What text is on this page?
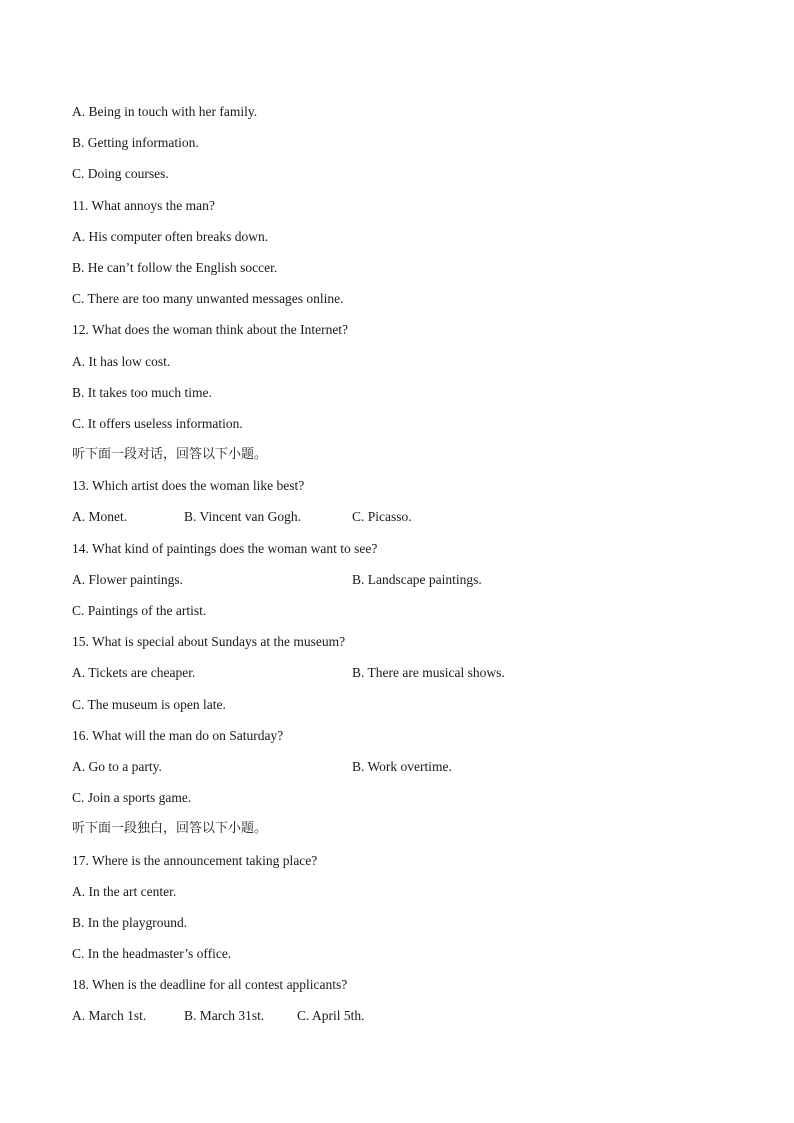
A. Being in touch with her family.
B. Getting information.
C. Doing courses.
11. What annoys the man?
A. His computer often breaks down.
B. He can’t follow the English soccer.
C. There are too many unwanted messages online.
12. What does the woman think about the Internet?
A. It has low cost.
B. It takes too much time.
C. It offers useless information.
听下面一段对话，回答以下小题。
13. Which artist does the woman like best?
A. Monet.	B. Vincent van Gogh.	C. Picasso.
14. What kind of paintings does the woman want to see?
A. Flower paintings.	B. Landscape paintings.
C. Paintings of the artist.
15. What is special about Sundays at the museum?
A. Tickets are cheaper.	B. There are musical shows.
C. The museum is open late.
16. What will the man do on Saturday?
A. Go to a party.	B. Work overtime.
C. Join a sports game.
听下面一段独白，回答以下小题。
17. Where is the announcement taking place?
A. In the art center.
B. In the playground.
C. In the headmaster’s office.
18. When is the deadline for all contest applicants?
A. March 1st.	B. March 31st.	C. April 5th.
